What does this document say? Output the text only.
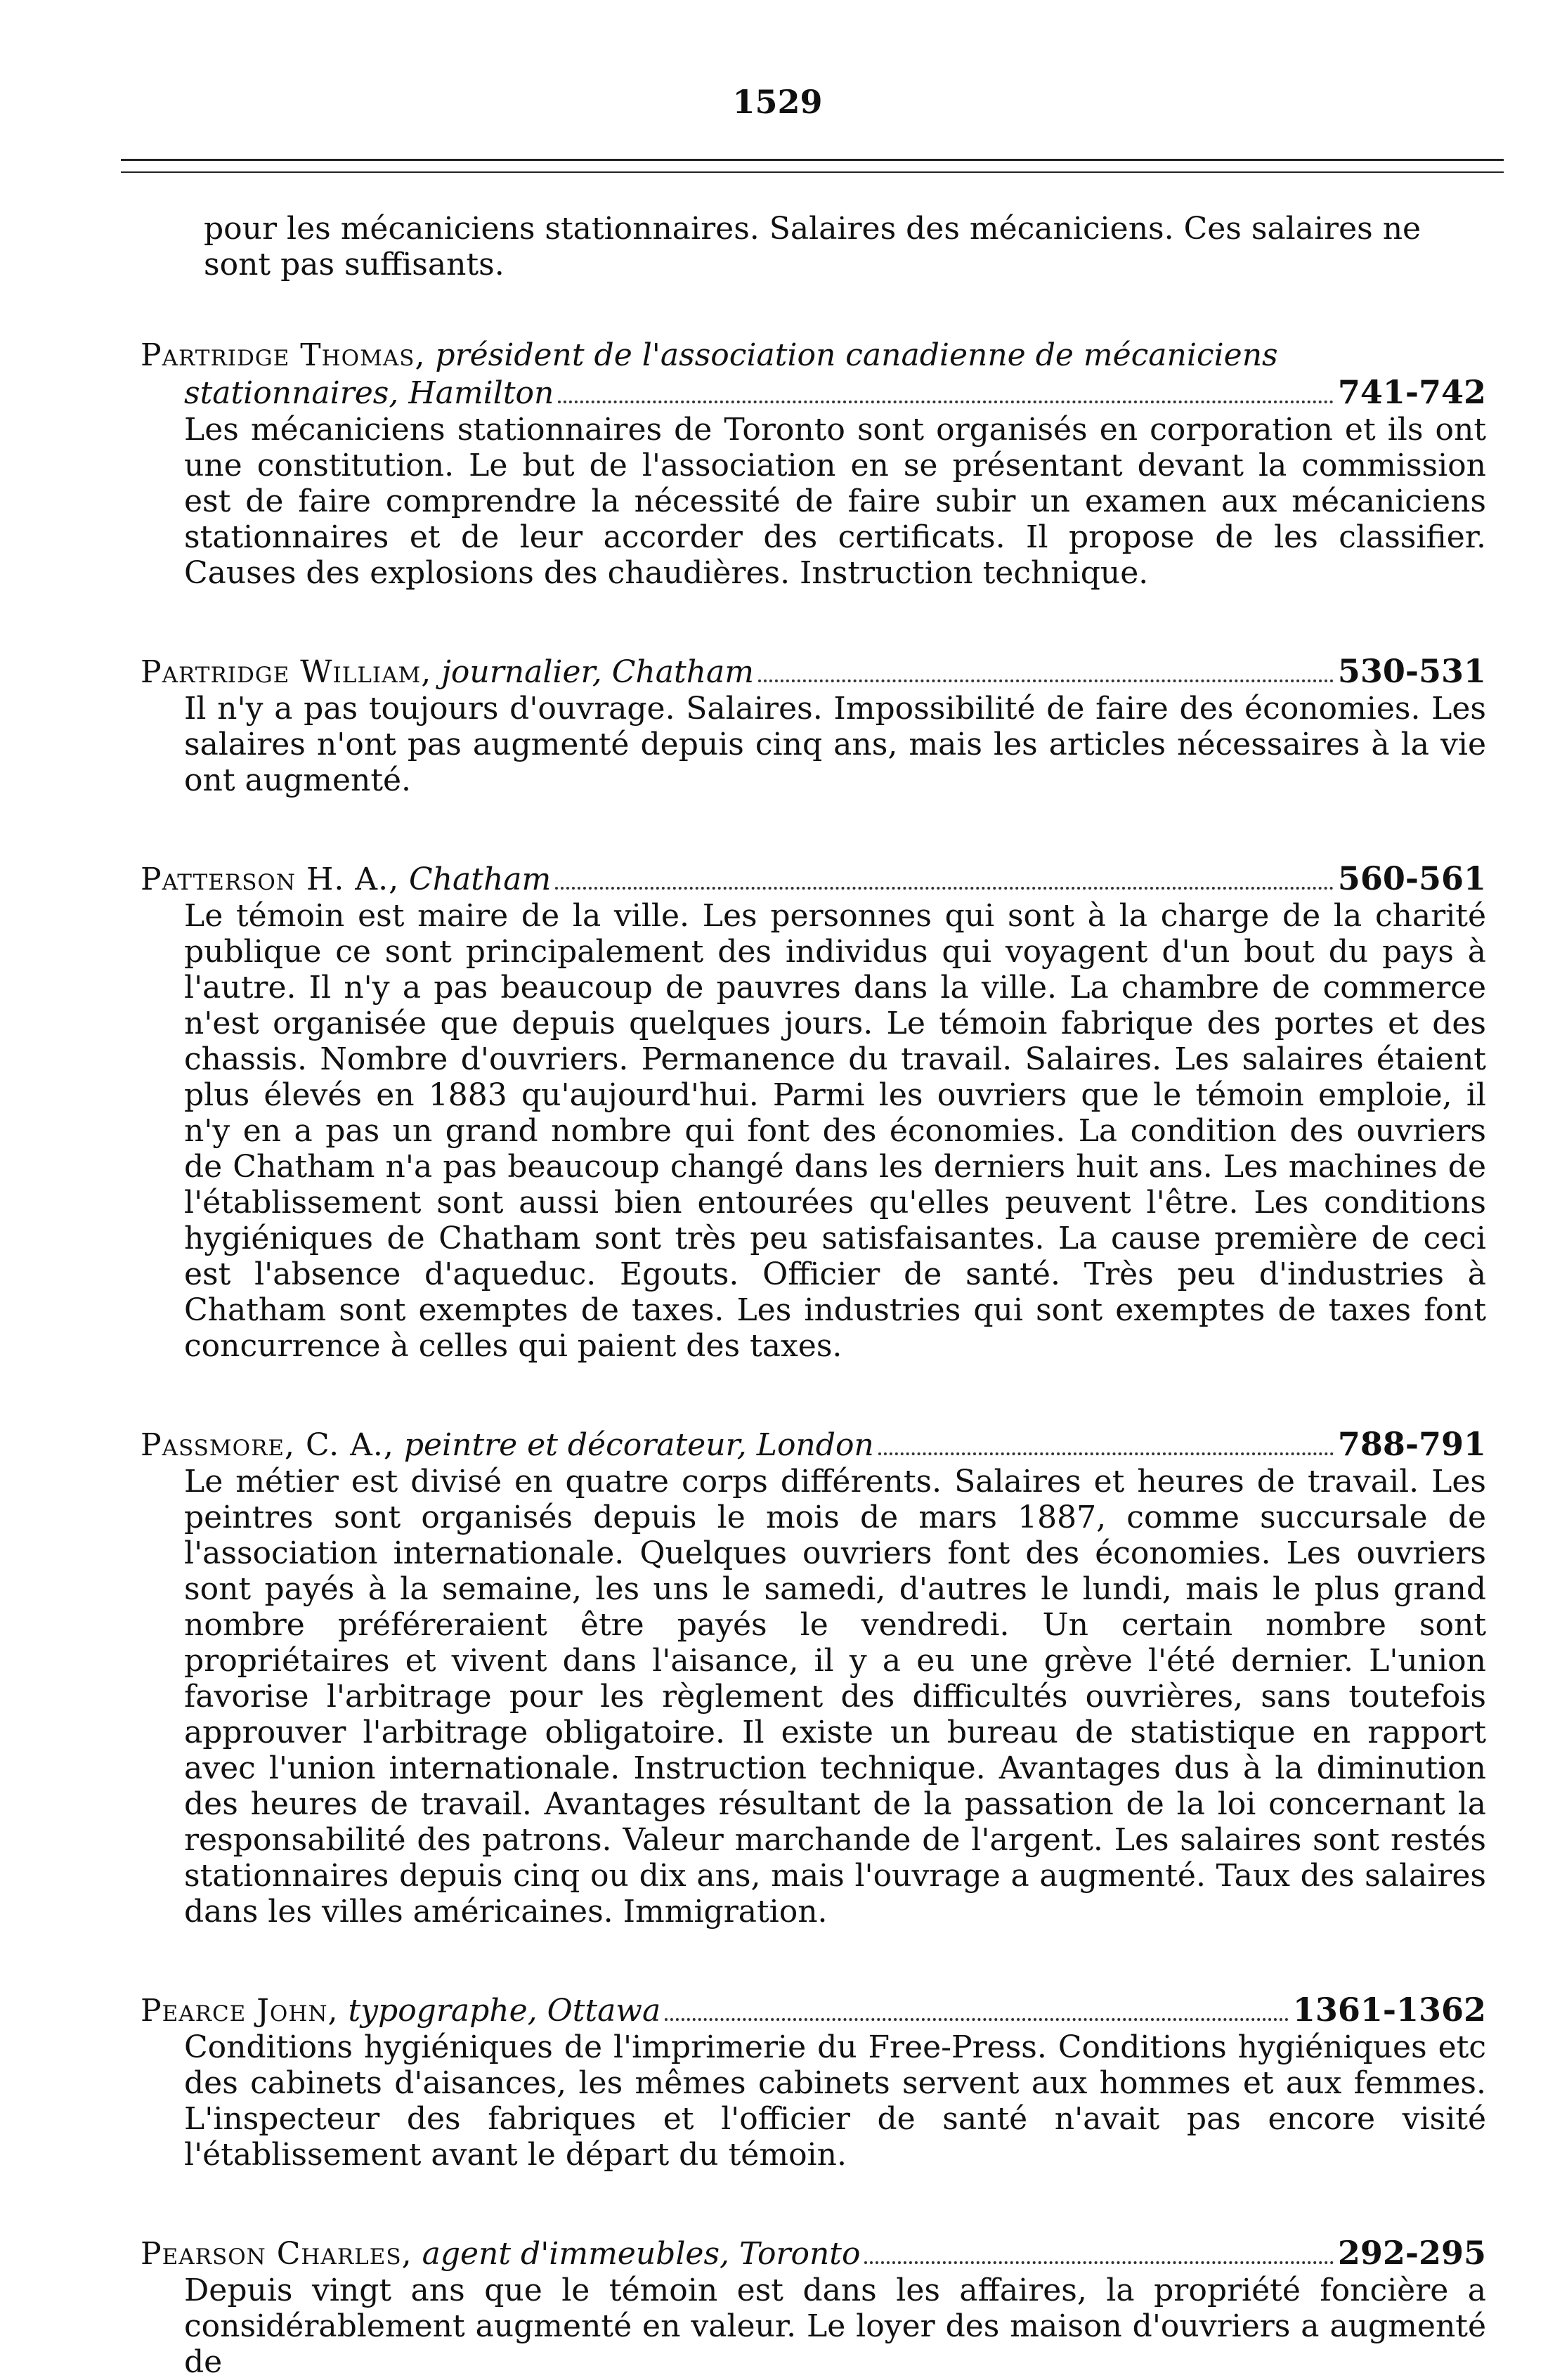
1529

pour les mécaniciens stationnaires. Salaires des mécaniciens. Ces salaires ne sont pas suffisants.

Partridge Thomas, président de l'association canadienne de mécaniciens

stationnaires, Hamilton	741-742

Les mécaniciens stationnaires de Toronto sont organisés en corporation et ils ont une constitution. Le but de l'association en se présentant devant la commission est de faire comprendre la nécessité de faire subir un examen aux mécaniciens stationnaires et de leur accorder des certificats. Il propose de les classifier. Causes des explosions des chaudières. Instruction technique.

Partridge William, journalier, Chatham	530-531

Il n'y a pas toujours d'ouvrage. Salaires. Impossibilité de faire des économies. Les salaires n'ont pas augmenté depuis cinq ans, mais les articles nécessaires à la vie ont augmenté.

Patterson H. A., Chatham	560-561

Le témoin est maire de la ville. Les personnes qui sont à la charge de la charité publique ce sont principalement des individus qui voyagent d'un bout du pays à l'autre. Il n'y a pas beaucoup de pauvres dans la ville. La chambre de commerce n'est organisée que depuis quelques jours. Le témoin fabrique des portes et des chassis. Nombre d'ouvriers. Permanence du travail. Salaires. Les salaires étaient plus élevés en 1883 qu'aujourd'hui. Parmi les ouvriers que le témoin emploie, il n'y en a pas un grand nombre qui font des économies. La condition des ouvriers de Chatham n'a pas beaucoup changé dans les derniers huit ans. Les machines de l'établissement sont aussi bien entourées qu'elles peuvent l'être. Les conditions hygiéniques de Chatham sont très peu satisfaisantes. La cause première de ceci est l'absence d'aqueduc. Egouts. Officier de santé. Très peu d'industries à Chatham sont exemptes de taxes. Les industries qui sont exemptes de taxes font concurrence à celles qui paient des taxes.

Passmore, C. A., peintre et décorateur, London	788-791

Le métier est divisé en quatre corps différents. Salaires et heures de travail. Les peintres sont organisés depuis le mois de mars 1887, comme succursale de l'association internationale. Quelques ouvriers font des économies. Les ouvriers sont payés à la semaine, les uns le samedi, d'autres le lundi, mais le plus grand nombre préféreraient être payés le vendredi. Un certain nombre sont propriétaires et vivent dans l'aisance, il y a eu une grève l'été dernier. L'union favorise l'arbitrage pour les règlement des difficultés ouvrières, sans toutefois approuver l'arbitrage obligatoire. Il existe un bureau de statistique en rapport avec l'union internationale. Instruction technique. Avantages dus à la diminution des heures de travail. Avantages résultant de la passation de la loi concernant la responsabilité des patrons. Valeur marchande de l'argent. Les salaires sont restés stationnaires depuis cinq ou dix ans, mais l'ouvrage a augmenté. Taux des salaires dans les villes américaines. Immigration.

Pearce John, typographe, Ottawa	1361-1362

Conditions hygiéniques de l'imprimerie du Free-Press. Conditions hygiéniques etc des cabinets d'aisances, les mêmes cabinets servent aux hommes et aux femmes. L'inspecteur des fabriques et l'officier de santé n'avait pas encore visité l'établissement avant le départ du témoin.

Pearson Charles, agent d'immeubles, Toronto	292-295

Depuis vingt ans que le témoin est dans les affaires, la propriété foncière a considérablement augmenté en valeur. Le loyer des maison d'ouvriers a augmenté de
